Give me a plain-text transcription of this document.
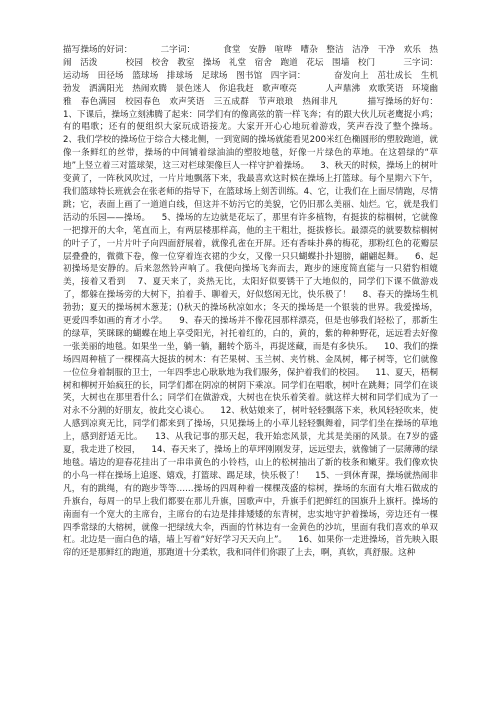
描写操场的好词：          二字词：          食堂   安静   喧哗   嘈杂   整洁   洁净   干净   欢乐   热闹   活泼          校园   校舍   教室   操场   礼堂   宿舍   跑道   花坛   围墙   校门          三字词：          运动场   田径场   篮球场   排球场   足球场   图书馆   四字词：          奋发向上   茁壮成长   生机勃发   洒满阳光   热闹欢腾   景色迷人   你追我赶   歌声嘹亮          人声鼎沸   欢歌笑语   环境幽雅   春色满园   校园春色   欢声笑语   三五成群   节声琅琅   热闹非凡          描写操场的好句：    1、下课后，操场立刻沸腾了起来：同学们有的像离弦的箭一样飞奔；有的跟大伙儿玩老鹰捉小鸡；有的唱歌；还有的便组织大家玩成语接龙。大家开开心心地玩着游戏，笑声吞没了整个操场。    2、我们学校的操场位于综合大楼北侧，一到宽阔的操场就能看见200米红色椭圆形的塑胶跑道，就像一条鲜红的丝带，操场的中间铺着绿油油的塑胶地毯，好像一片绿色的草地。在这碧绿的“草地”上竖立着三对篮球架，这三对栏球架像巨人一样守护着操场。    3、秋天的时候，操场上的树叶变黄了，一阵秋风吹过，一片片地飘落下来，我最喜欢这时候在操场上打篮球。每个星期六下午，我们篮球特长班就会在张老师的指导下，在篮球场上刻苦训练。4、它，让我们在上面尽情跑，尽情跳；它，表面上画了一道道白线，但这并不妨污它的美貌，它仍旧那么美丽、灿烂。它，就是我们活动的乐园——操场。    5、操场的左边就是花坛了，那里有许多植物，有挺拔的棕榈树，它就像一把撑开的大伞，笔直而上，有两层楼那样高，他的主干粗壮，挺拔修长。最漂亮的就要数棕榈树的叶子了，一片片叶子向四面舒展着，就像孔雀在开屏。还有香味扑鼻的梅花，那粉红色的花瓣层层叠叠的，微微下卷，像一位穿着连衣裙的少女，又像一只只蝴蝶扑扑翅膀，翩翩起舞。    6、起初操场是安静的。后来忽然铃声响了。我便向操场飞奔而去，跑步的速度简直能与一只猎豹相媲美，接着又看到    7、夏天来了，炎热无比，太阳好似要锈干了大地似的，同学们下课不做游戏了，都躲在操场旁的大树下，拍着手、聊着天，好似悠闲无比，快乐极了！    8、春天的操场生机勃勃；夏天的操场树木葱茏；()秋天的操场秋凉如水；冬天的操场是一个银装的世界。我爱操场，更爱四季如画的育才小学。    9、春天的操场并不像花园那样漂亮，但是也够我们轻松了，那新生的绿草，笑眯眯的蝴蝶在地上享受阳光，衬托着红的，白的，黄的，紫的种种野花，远远看去好像一张美丽的地毯。如果坐一坐，躺一躺，翻转个筋斗，再捉迷藏，而是有多快乐。    10、我们的操场四周种植了一棵棵高大挺拔的树木：有芒果树、玉兰树、夹竹桃、金凤树，椰子树等，它们就像一位位身着制服的卫士，一年四季忠心耿耿地为我们服务，保护着我们的校园。    11、夏天，梧桐树和柳树开始疯狂的长，同学们都在阴凉的树阴下乘凉。同学们在唱歌，树叶在跳舞；同学们在谈笑，大树也在那里看什么；同学们在做游戏，大树也在快乐着笑着。就这样大树和同学们成为了一对永不分割的好朋友，彼此交心谈心。    12、秋姑娘来了，树叶轻轻飘落下来，秋风轻轻吹来，使人感到凉爽无比，同学们都来到了操场，只见操场上的小草儿轻轻飘舞着，同学们坐在操场的草地上，感到舒适无比。    13、从我记事的那天起，我开始恋风景，尤其是美丽的风景。在7岁的盛夏，我走进了校园，    14、春天来了，操场上的草坪刚刚发芽，远远望去，就像铺了一层薄薄的绿地毯。墙边的迎春花挂出了一串串黄色的小铃档，山上的松树抽出了新的枝条和嫩芽。我们像欢快的小鸟一样在操场上追逐、嬉戏，打篮球、踢足球，快乐极了！    15、一到休育课，操场就热闹非凡，有的跳绳，有的跑步等等……操场的四周种着一棵棵茂盛的棕树，操场的东面有大堆石做成的升旗台，每周一的早上我们都要在那儿升旗，国歌声中，升旗手们把鲜红的国旗升上旗杆。操场的南面有一个宽大的主席台，主席台的右边是排排矮矮的东青树，忠实地守护着操场，旁边还有一棵四季常绿的大榕树，就像一把绿绒大伞，西面的竹林边有一金黄色的沙坑，里面有我们喜欢的单双杠。北边是一面白色的墙，墙上写着“好好学习天天向上”。    16、如果你一走进操场，首先映入眼帘的还是那鲜红的跑道，那跑道十分柔软，我和同伴们你跟了上去，啊，真软，真舒服。这种
